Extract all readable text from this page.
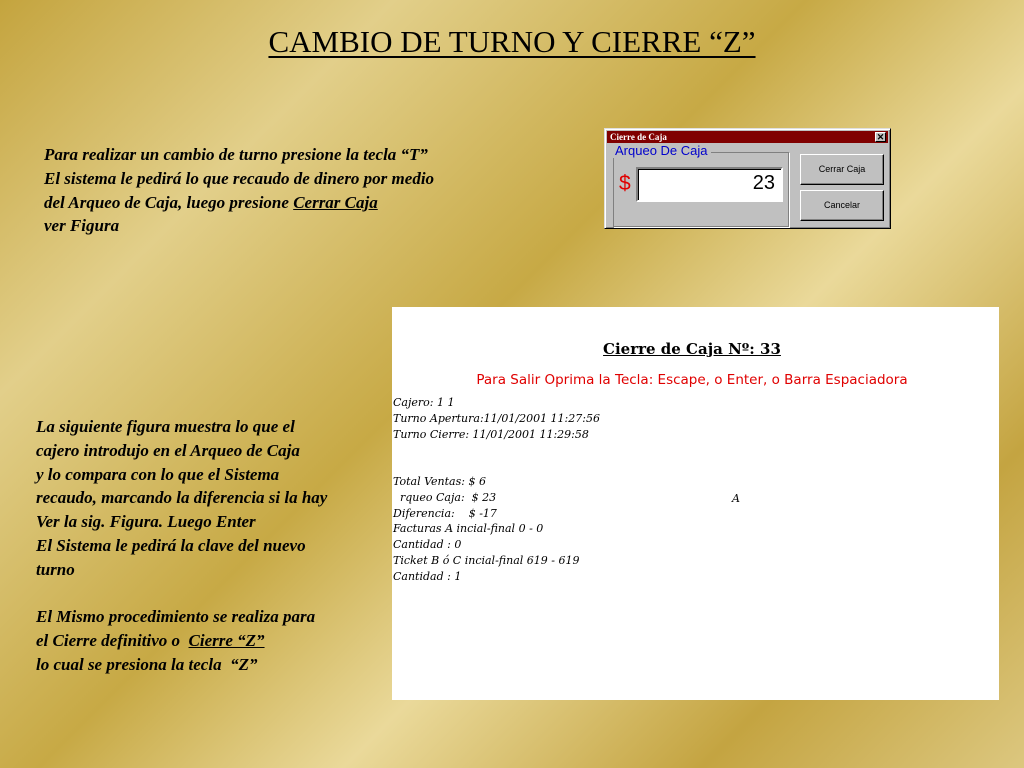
CAMBIO DE TURNO Y CIERRE “Z”
Para realizar un cambio de turno presione la tecla “T”
El sistema le pedirá lo que recaudo de dinero por medio
del Arqueo de Caja, luego presione Cerrar Caja
ver Figura
Cierre de Caja	✕
Arqueo De Caja
$	23
Cerrar Caja
Cancelar
Cierre de Caja Nº: 33
Para Salir Oprima la Tecla: Escape, o Enter, o Barra Espaciadora
Cajero: 1 1
Turno Apertura:11/01/2001 11:27:56
Turno Cierre: 11/01/2001 11:29:58
Total Ventas: $ 6
rqueo Caja:  $ 23	A
Diferencia:    $ -17
Facturas A incial-final 0 - 0
Cantidad : 0
Ticket B ó C incial-final 619 - 619
Cantidad : 1
La siguiente figura muestra lo que el
cajero introdujo en el Arqueo de Caja
y lo compara con lo que el Sistema
recaudo, marcando la diferencia si la hay
Ver la sig. Figura. Luego Enter
El Sistema le pedirá la clave del nuevo
turno

El Mismo procedimiento se realiza para
el Cierre definitivo o  Cierre “Z”
lo cual se presiona la tecla  “Z”
